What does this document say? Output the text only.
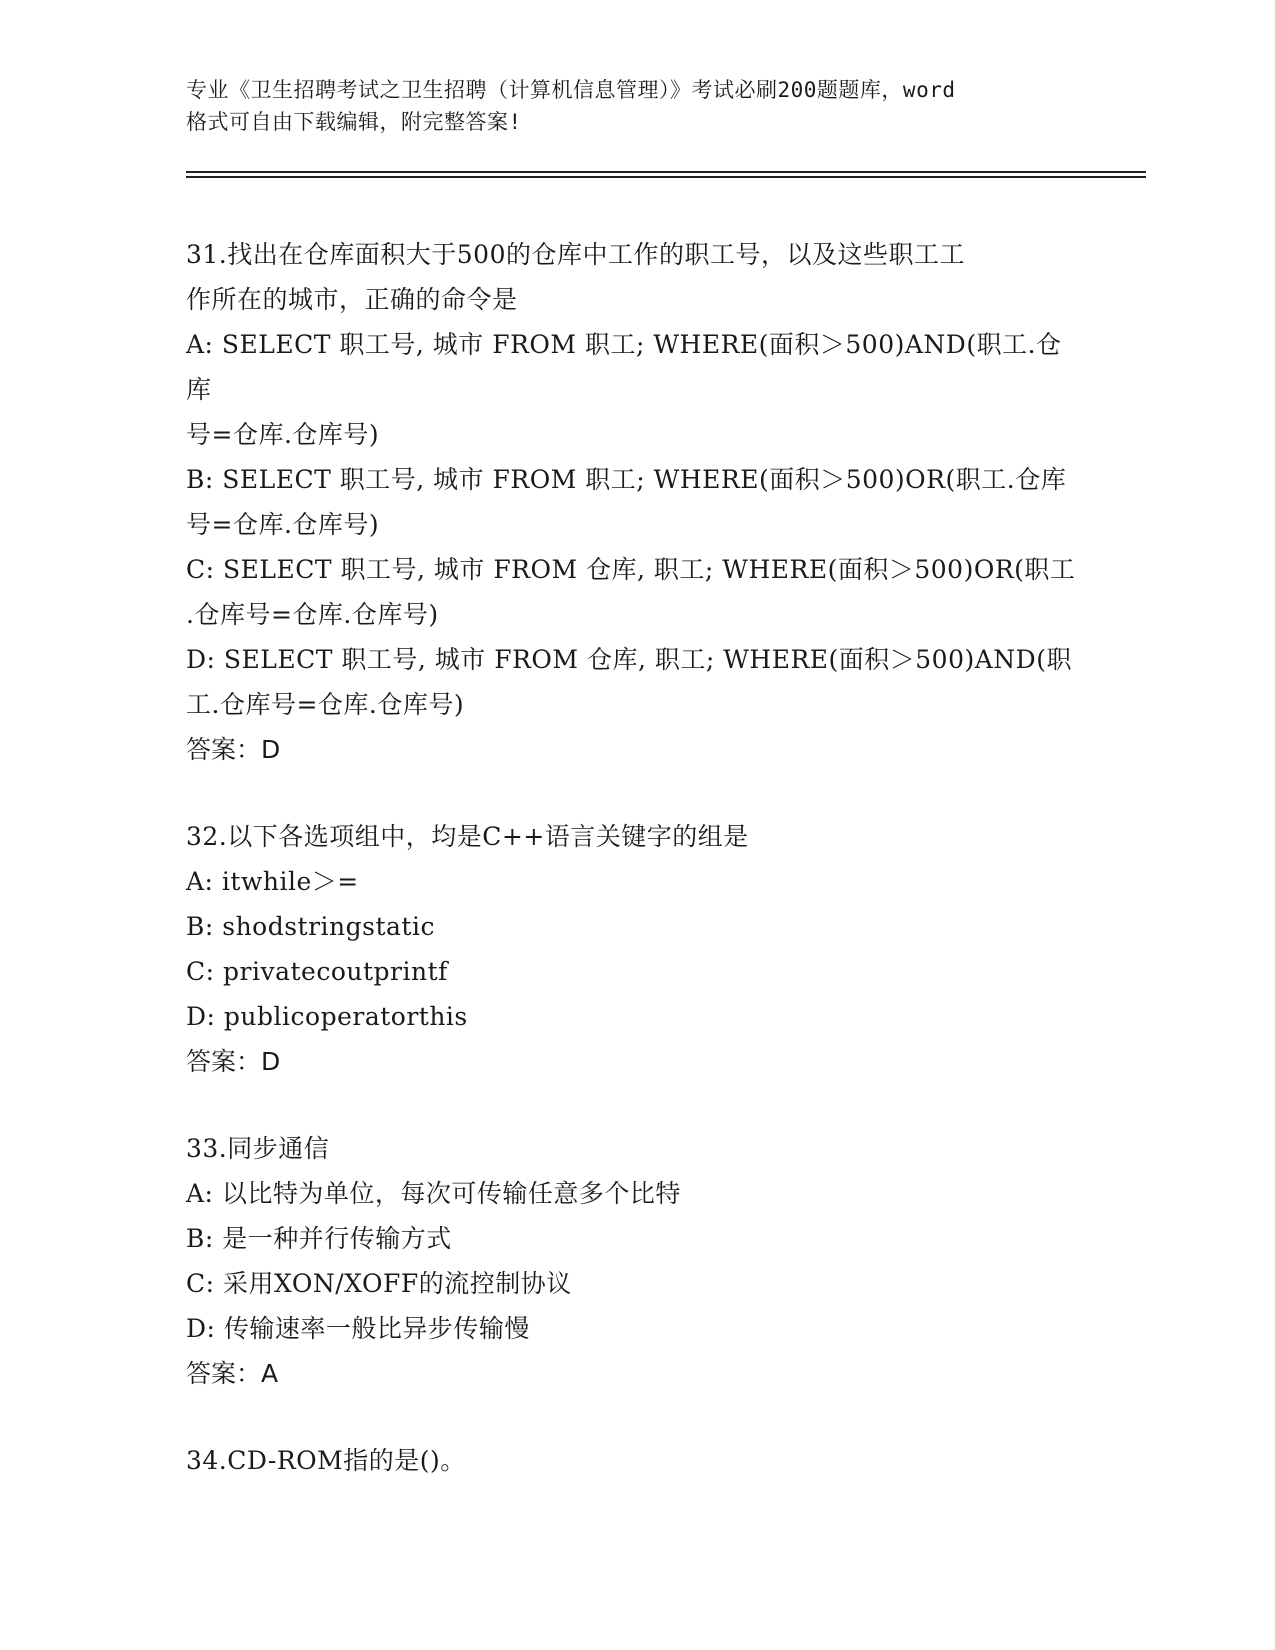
专业《卫生招聘考试之卫生招聘（计算机信息管理）》考试必刷200题题库，word
格式可自由下载编辑，附完整答案!
31.找出在仓库面积大于500的仓库中工作的职工号，以及这些职工工
作所在的城市，正确的命令是
A: SELECT 职工号, 城市 FROM 职工; WHERE(面积＞500)AND(职工.仓库
号=仓库.仓库号)
B: SELECT 职工号, 城市 FROM 职工; WHERE(面积＞500)OR(职工.仓库
号=仓库.仓库号)
C: SELECT 职工号, 城市 FROM 仓库, 职工; WHERE(面积＞500)OR(职工
.仓库号=仓库.仓库号)
D: SELECT 职工号, 城市 FROM 仓库, 职工; WHERE(面积＞500)AND(职
工.仓库号=仓库.仓库号)
答案：D
32.以下各选项组中，均是C++语言关键字的组是
A: itwhile＞=
B: shodstringstatic
C: privatecoutprintf
D: publicoperatorthis
答案：D
33.同步通信
A: 以比特为单位，每次可传输任意多个比特
B: 是一种并行传输方式
C: 采用XON/XOFF的流控制协议
D: 传输速率一般比异步传输慢
答案：A
34.CD-ROM指的是()。
